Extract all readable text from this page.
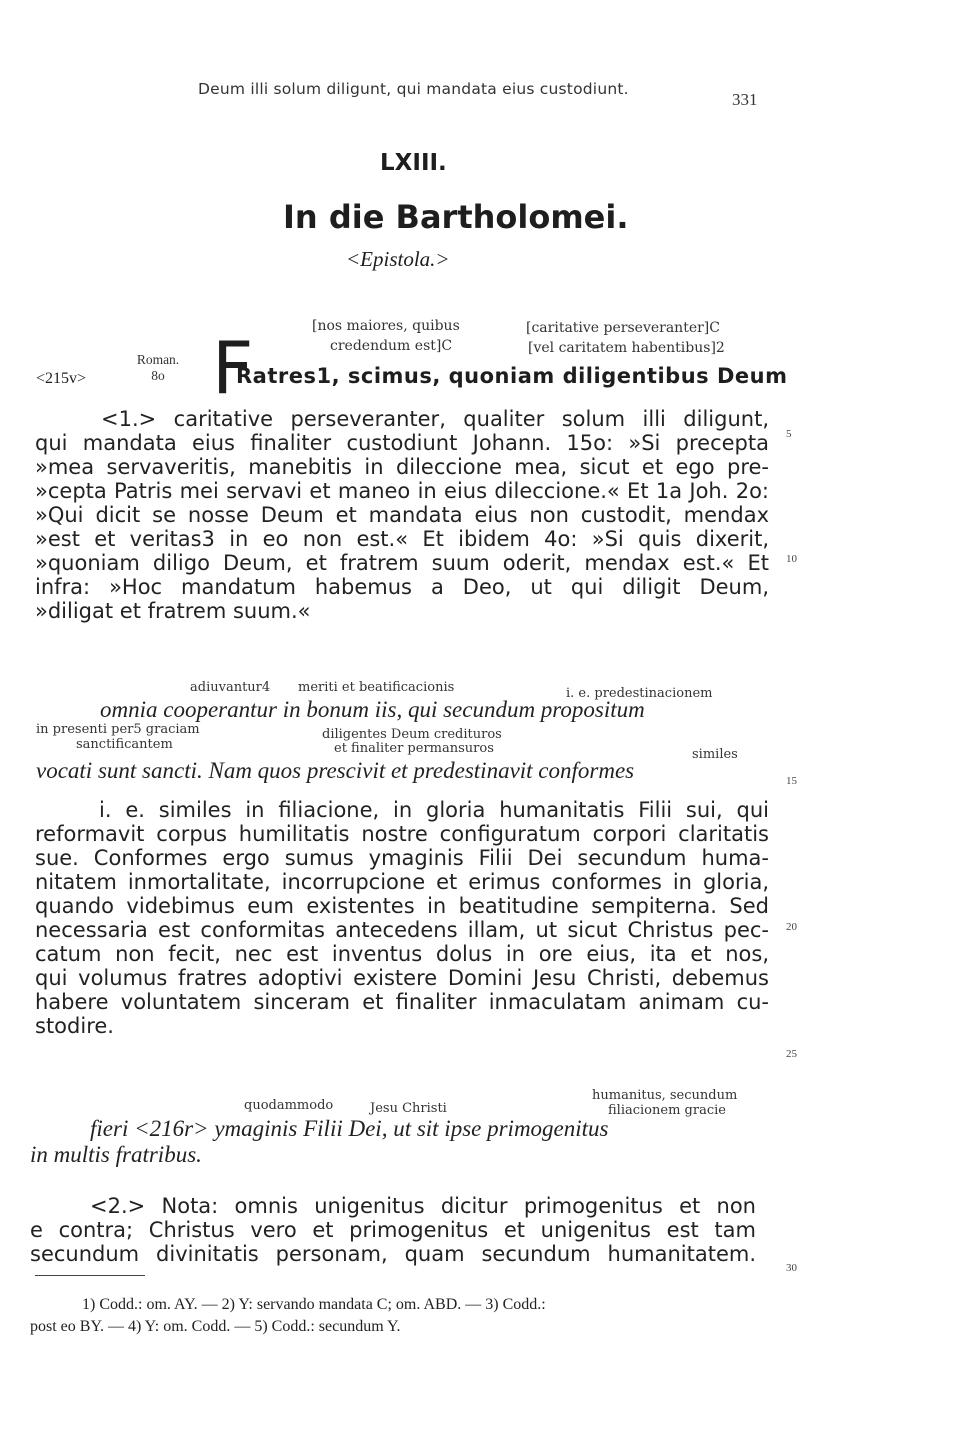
Deum illi solum diligunt, qui mandata eius custodiunt.
331
LXIII.
In die Bartholomei.
<Epistola.>
[nos maiores, quibus
credendum est]C
[caritative perseveranter]C
[vel caritatem habentibus]2
<215v>
Roman.
8o F
Ratres1, scimus, quoniam diligentibus Deum
<1.> caritative perseveranter, qualiter solum illi diligunt,
qui mandata eius finaliter custodiunt Johann. 15o: »Si precepta
»mea servaveritis, manebitis in dileccione mea, sicut et ego pre-
»cepta Patris mei servavi et maneo in eius dileccione.« Et 1a Joh. 2o:
»Qui dicit se nosse Deum et mandata eius non custodit, mendax
»est et veritas3 in eo non est.« Et ibidem 4o: »Si quis dixerit,
»quoniam diligo Deum, et fratrem suum oderit, mendax est.« Et
infra: »Hoc mandatum habemus a Deo, ut qui diligit Deum,
»diligat et fratrem suum.«
adiuvantur4 meriti et beatificacionis	i. e. predestinacionem
omnia cooperantur in bonum iis, qui secundum propositum
in presenti per5 graciam
sanctificantem
diligentes Deum credituros
et finaliter permansuros	similes
vocati sunt sancti. Nam quos prescivit et predestinavit conformes
i. e. similes in filiacione, in gloria humanitatis Filii sui, qui
reformavit corpus humilitatis nostre configuratum corpori claritatis
sue. Conformes ergo sumus ymaginis Filii Dei secundum huma-
nitatem inmortalitate, incorrupcione et erimus conformes in gloria,
quando videbimus eum existentes in beatitudine sempiterna. Sed
necessaria est conformitas antecedens illam, ut sicut Christus pec-
catum non fecit, nec est inventus dolus in ore eius, ita et nos,
qui volumus fratres adoptivi existere Domini Jesu Christi, debemus
habere voluntatem sinceram et finaliter inmaculatam animam cu-
stodire.
quodammodo	Jesu Christi
humanitus, secundum
filiacionem gracie
fieri <216r> ymaginis Filii Dei, ut sit ipse primogenitus
in multis fratribus.
<2.> Nota: omnis unigenitus dicitur primogenitus et non
e contra; Christus vero et primogenitus et unigenitus est tam
secundum divinitatis personam, quam secundum humanitatem.
5
10
15
20
25
30
1) Codd.: om. AY. — 2) Y: servando mandata C; om. ABD. — 3) Codd.:
post eo BY. — 4) Y: om. Codd. — 5) Codd.: secundum Y.
